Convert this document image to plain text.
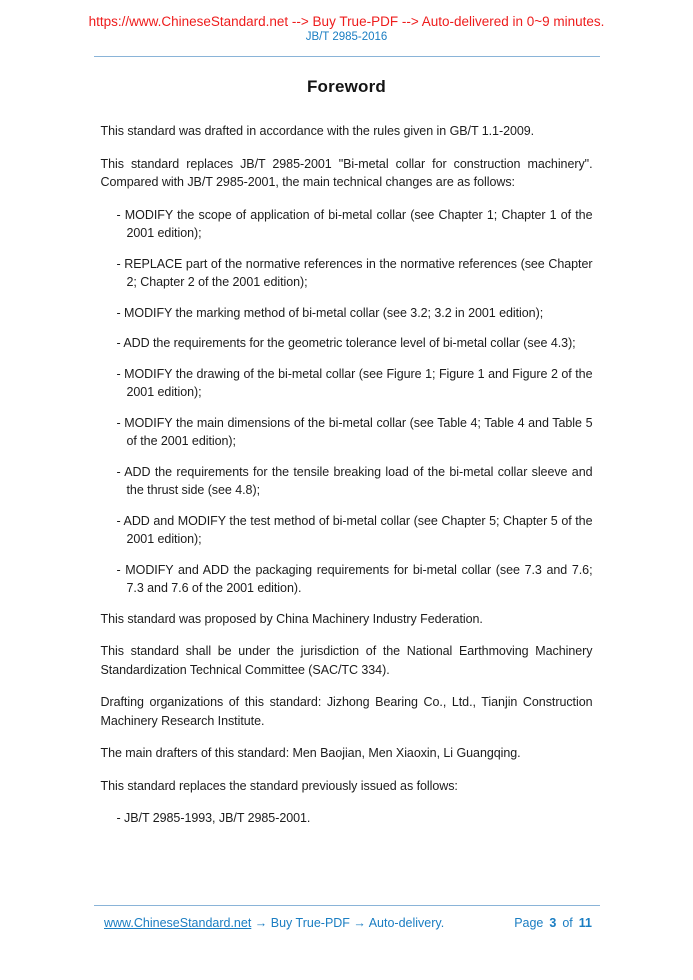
https://www.ChineseStandard.net --> Buy True-PDF --> Auto-delivered in 0~9 minutes.
JB/T 2985-2016
Foreword
This standard was drafted in accordance with the rules given in GB/T 1.1-2009.
This standard replaces JB/T 2985-2001 "Bi-metal collar for construction machinery". Compared with JB/T 2985-2001, the main technical changes are as follows:
- MODIFY the scope of application of bi-metal collar (see Chapter 1; Chapter 1 of the 2001 edition);
- REPLACE part of the normative references in the normative references (see Chapter 2; Chapter 2 of the 2001 edition);
- MODIFY the marking method of bi-metal collar (see 3.2; 3.2 in 2001 edition);
- ADD the requirements for the geometric tolerance level of bi-metal collar (see 4.3);
- MODIFY the drawing of the bi-metal collar (see Figure 1; Figure 1 and Figure 2 of the 2001 edition);
- MODIFY the main dimensions of the bi-metal collar (see Table 4; Table 4 and Table 5 of the 2001 edition);
- ADD the requirements for the tensile breaking load of the bi-metal collar sleeve and the thrust side (see 4.8);
- ADD and MODIFY the test method of bi-metal collar (see Chapter 5; Chapter 5 of the 2001 edition);
- MODIFY and ADD the packaging requirements for bi-metal collar (see 7.3 and 7.6; 7.3 and 7.6 of the 2001 edition).
This standard was proposed by China Machinery Industry Federation.
This standard shall be under the jurisdiction of the National Earthmoving Machinery Standardization Technical Committee (SAC/TC 334).
Drafting organizations of this standard: Jizhong Bearing Co., Ltd., Tianjin Construction Machinery Research Institute.
The main drafters of this standard: Men Baojian, Men Xiaoxin, Li Guangqing.
This standard replaces the standard previously issued as follows:
- JB/T 2985-1993, JB/T 2985-2001.
www.ChineseStandard.net → Buy True-PDF → Auto-delivery.	Page 3 of 11
